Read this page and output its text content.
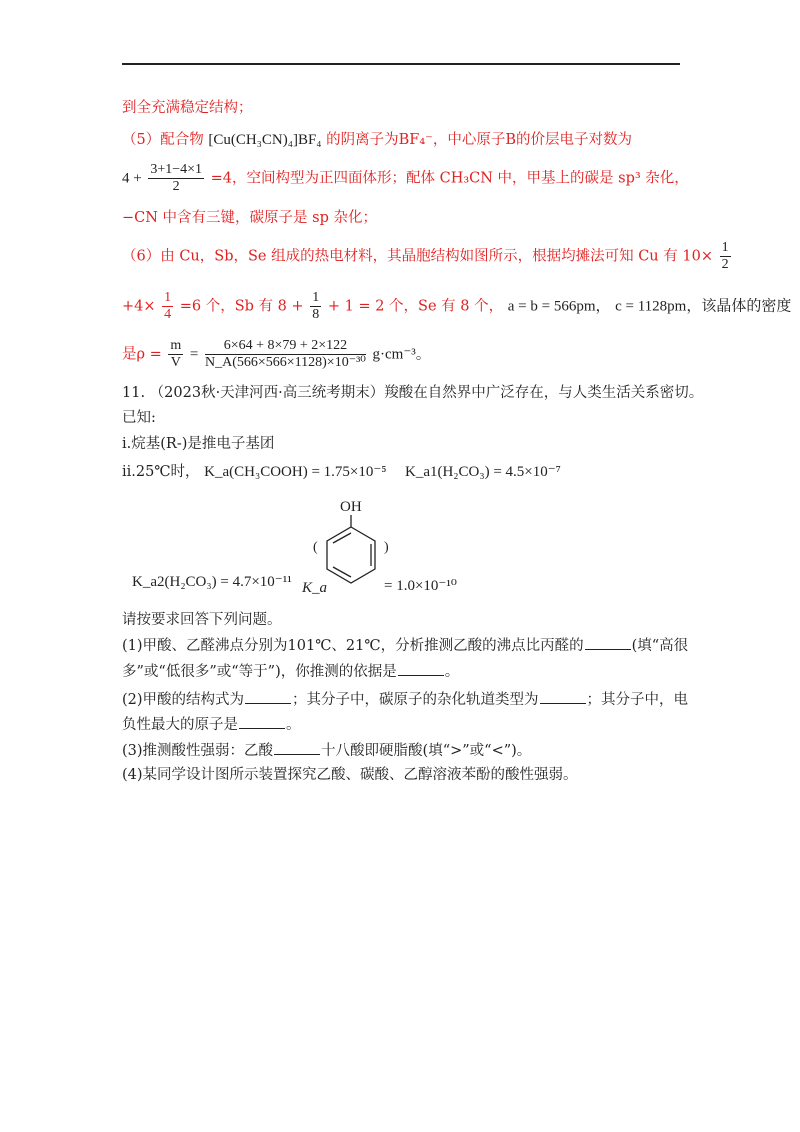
到全充满稳定结构；
（5）配合物 [Cu(CH₃CN)₄]BF₄ 的阴离子为BF₄⁻，中心原子B的价层电子对数为
$4 + \frac{3+1-4\times 1}{2} =4$，空间构型为正四面体形；配体 CH₃CN 中，甲基上的碳是 sp³ 杂化，
−CN 中含有三键，碳原子是 sp 杂化；
（6）由 Cu，Sb，Se 组成的热电材料，其晶胞结构如图所示，根据均摊法可知 Cu 有 $10\times \frac{1}{2}$
$+4\times \frac{1}{4} =6$ 个，Sb 有 $8 + \frac{1}{8} + 1 = 2$ 个，Se 有 8 个， a = b = 566pm， c = 1128pm，该晶体的密度
是$\rho = \frac{m}{V} = \frac{6\times 64 + 8\times 79 + 2\times 122}{\text{N\_A(566×566×1128)×10⁻³⁰}} g\cdot cm^{-3}$。
11. （2023秋·天津河西·高三统考期末）羧酸在自然界中广泛存在，与人类生活关系密切。
已知:
ⅰ.烷基(R-)是推电子基团
ⅱ.25℃时， K_a(CH₃COOH) = 1.75×10⁻⁵ K_a1(H₂CO₃) = 4.5×10⁻⁷
K_a2(H₂CO₃) = 4.7×10⁻¹¹ K_a
OH
(	)
= 1.0×10⁻¹⁰
请按要求回答下列问题。
(1)甲酸、乙醛沸点分别为101℃、21℃，分析推测乙酸的沸点比丙醛的	(填“高很
多”或“低很多”或“等于”)，你推测的依据是	。
(2)甲酸的结构式为	；其分子中，碳原子的杂化轨道类型为	；其分子中，电
负性最大的原子是	。
(3)推测酸性强弱：乙酸	十八酸即硬脂酸(填“>”或“<”)。
(4)某同学设计图所示装置探究乙酸、碳酸、乙醇溶液苯酚的酸性强弱。
